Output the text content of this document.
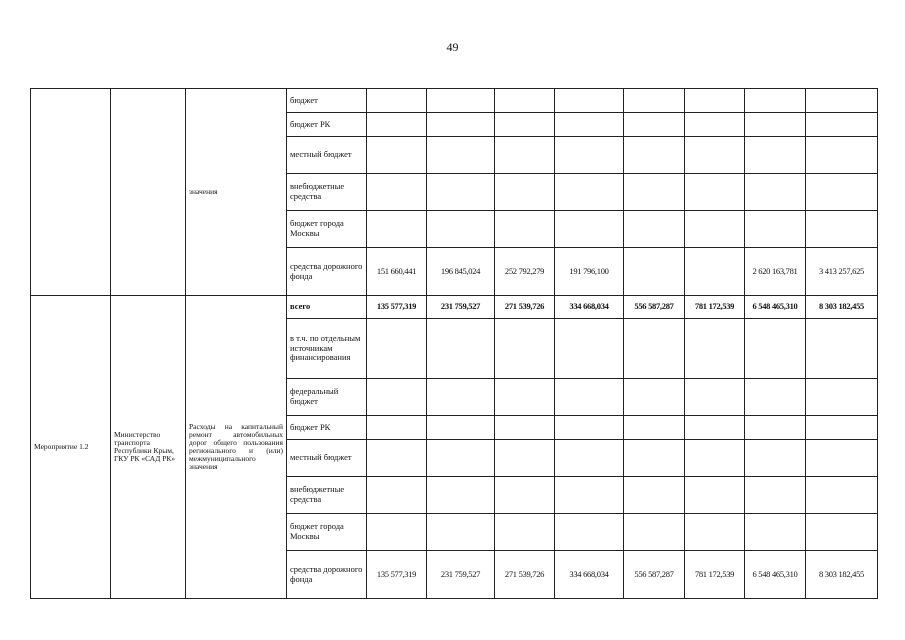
49

		значения	бюджет								
			бюджет РК								
			местный бюджет								
			внебюджетные средства								
			бюджет города Москвы								
			средства дорожного фонда	151 660,441	196 845,024	252 792,279	191 796,100			2 620 163,781	3 413 257,625

Мероприятие 1.2	Министерство транспорта Республики Крым, ГКУ РК «САД РК»	Расходы на капитальный ремонт автомобильных дорог общего пользования регионального и (или) межмуниципального значения	всего	135 577,319	231 759,527	271 539,726	334 668,034	556 587,287	781 172,539	6 548 465,310	8 303 182,455
			в т.ч. по отдельным источникам финансирования								
			федеральный бюджет								
			бюджет РК								
			местный бюджет								
			внебюджетные средства								
			бюджет города Москвы								
			средства дорожного фонда	135 577,319	231 759,527	271 539,726	334 668,034	556 587,287	781 172,539	6 548 465,310	8 303 182,455
